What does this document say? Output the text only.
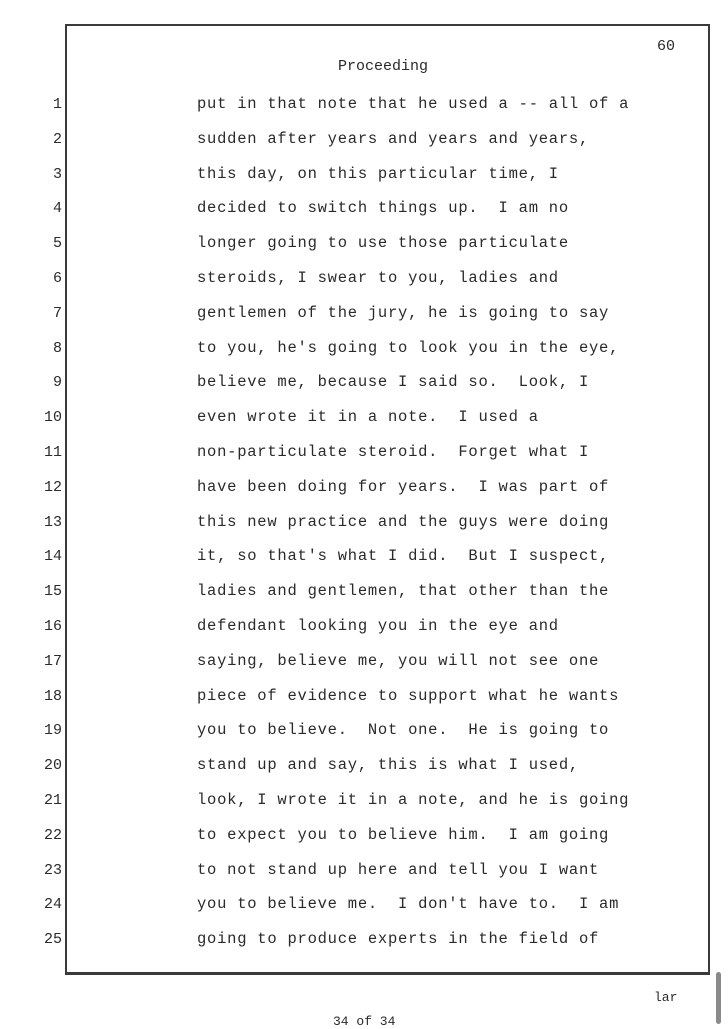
60
Proceeding
1	put in that note that he used a -- all of a
2	sudden after years and years and years,
3	this day, on this particular time, I
4	decided to switch things up.  I am no
5	longer going to use those particulate
6	steroids, I swear to you, ladies and
7	gentlemen of the jury, he is going to say
8	to you, he's going to look you in the eye,
9	believe me, because I said so.  Look, I
10	even wrote it in a note.  I used a
11	non-particulate steroid.  Forget what I
12	have been doing for years.  I was part of
13	this new practice and the guys were doing
14	it, so that's what I did.  But I suspect,
15	ladies and gentlemen, that other than the
16	defendant looking you in the eye and
17	saying, believe me, you will not see one
18	piece of evidence to support what he wants
19	you to believe.  Not one.  He is going to
20	stand up and say, this is what I used,
21	look, I wrote it in a note, and he is going
22	to expect you to believe him.  I am going
23	to not stand up here and tell you I want
24	you to believe me.  I don't have to.  I am
25	going to produce experts in the field of
lar
34 of 34
